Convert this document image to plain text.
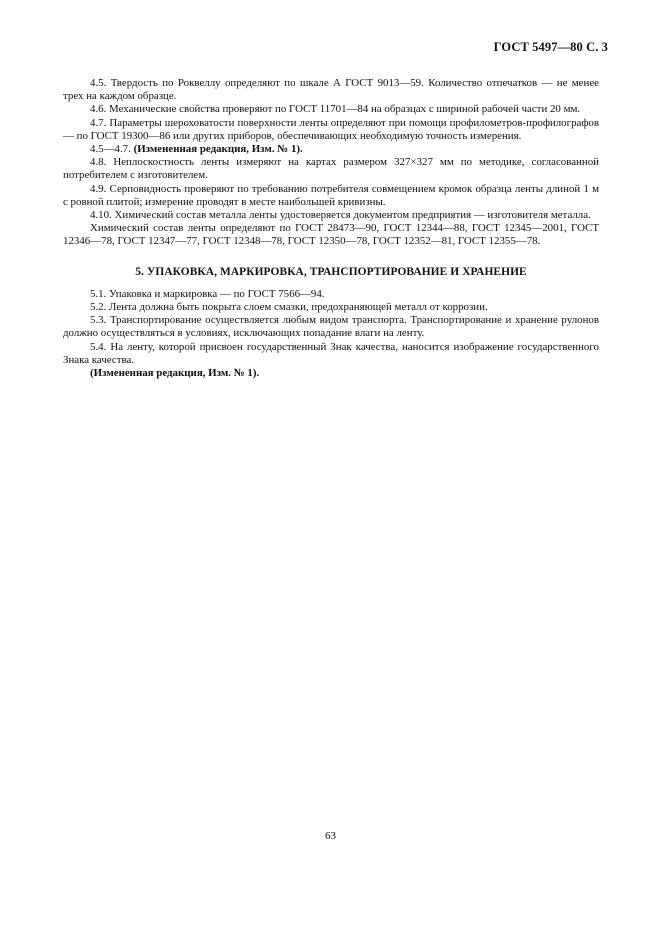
ГОСТ 5497—80 С. 3

4.5. Твердость по Роквеллу определяют по шкале А ГОСТ 9013—59. Количество отпечатков — не менее трех на каждом образце.

4.6. Механические свойства проверяют по ГОСТ 11701—84 на образцах с шириной рабочей части 20 мм.

4.7. Параметры шероховатости поверхности ленты определяют при помощи профилометров-профилографов — по ГОСТ 19300—86 или других приборов, обеспечивающих необходимую точность измерения.

4.5—4.7. (Измененная редакция, Изм. № 1).

4.8. Неплоскостность ленты измеряют на картах размером 327×327 мм по методике, согласованной потребителем с изготовителем.

4.9. Серповидность проверяют по требованию потребителя совмещением кромок образца ленты длиной 1 м с ровной плитой; измерение проводят в месте наибольшей кривизны.

4.10. Химический состав металла ленты удостоверяется документом предприятия — изготовителя металла.

Химический состав ленты определяют по ГОСТ 28473—90, ГОСТ 12344—88, ГОСТ 12345—2001, ГОСТ 12346—78, ГОСТ 12347—77, ГОСТ 12348—78, ГОСТ 12350—78, ГОСТ 12352—81, ГОСТ 12355—78.

5. УПАКОВКА, МАРКИРОВКА, ТРАНСПОРТИРОВАНИЕ И ХРАНЕНИЕ

5.1. Упаковка и маркировка — по ГОСТ 7566—94.

5.2. Лента должна быть покрыта слоем смазки, предохраняющей металл от коррозии.

5.3. Транспортирование осуществляется любым видом транспорта. Транспортирование и хранение рулонов должно осуществляться в условиях, исключающих попадание влаги на ленту.

5.4. На ленту, которой присвоен государственный Знак качества, наносится изображение государственного Знака качества.

(Измененная редакция, Изм. № 1).

63
